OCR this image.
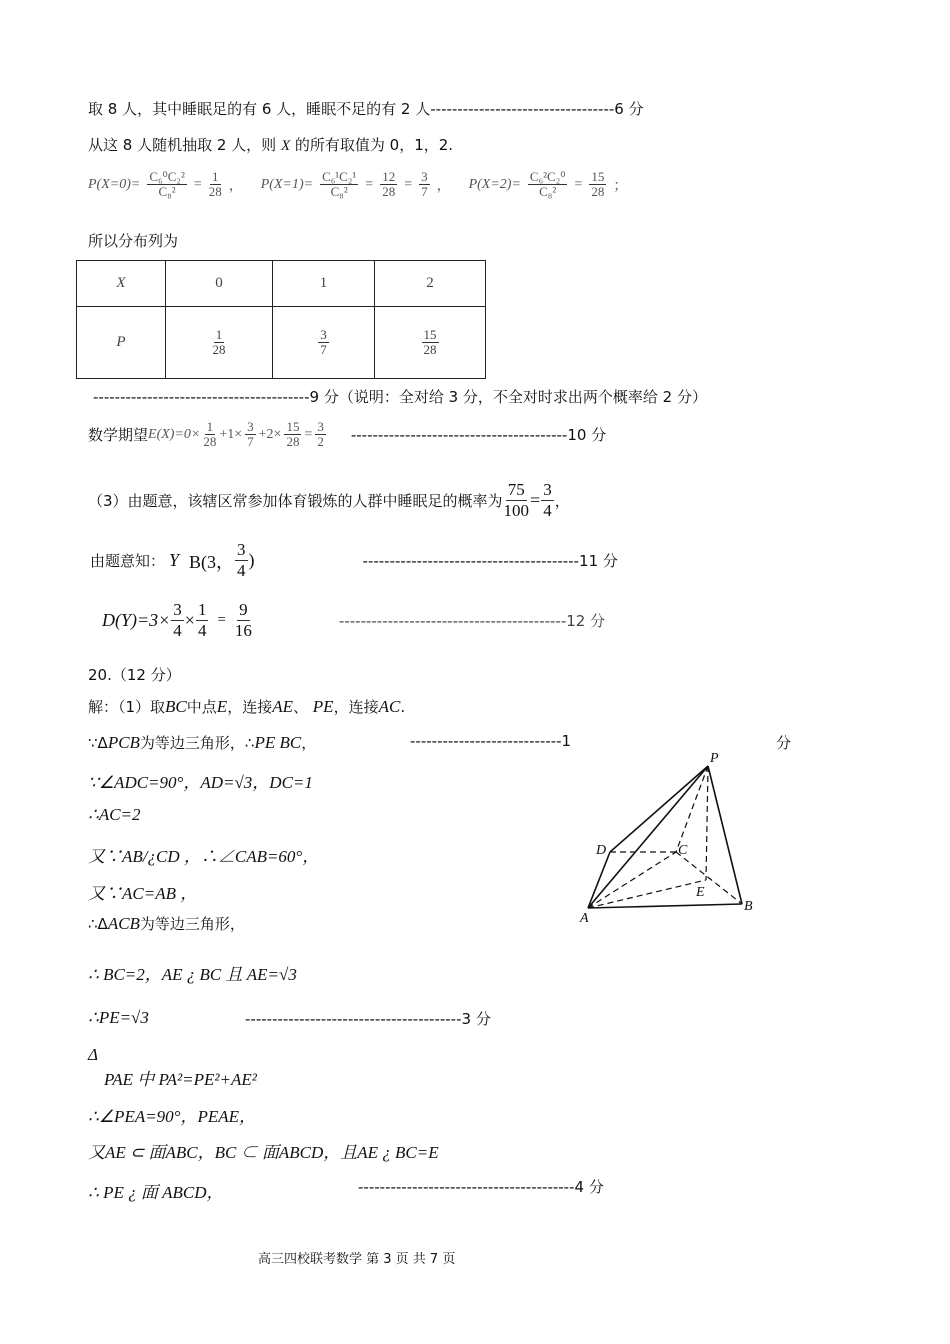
取 8 人，其中睡眠足的有 6 人，睡眠不足的有 2 人----------------------------------6 分
从这 8 人随机抽取 2 人，则 X 的所有取值为 0，1，2.
$P(X=0)= \frac{\text{C₆⁰C₂²}}{\text{C₈²}} = \frac{1}{28}$ ， $P(X=1)= \frac{\text{C₆¹C₂¹}}{\text{C₈²}} = \frac{12}{28} = \frac{3}{7}$ ， $P(X=2)= \frac{\text{C₆²C₂⁰}}{\text{C₈²}} = \frac{15}{28}$ ；
所以分布列为
X	0	1	2
P	$\frac{1}{28}$	$\frac{3}{7}$	$\frac{15}{28}$
----------------------------------------9 分（说明：全对给 3 分，不全对时求出两个概率给 2 分）
数学期望 $E(X)=0\times \frac{1}{28} +1\times \frac{3}{7} +2\times \frac{15}{28} = \frac{3}{2} ----------------------------------------10$ 分
（3）由题意，该辖区常参加体育锻炼的人群中睡眠足的概率为 $\frac{75}{100} = \frac{3}{4}$ ，
由题意知： Y B(3， $\frac{3}{4}$ )	----------------------------------------11 分
$D(Y)=3\times \frac{3}{4} \times \frac{1}{4} = \frac{9}{16}$	------------------------------------------12 分
20.（12 分）
解：（1）取BC中点E，连接AE、 PE，连接AC.
∵ΔPCB为等边三角形，∴PE BC，	----------------------------1	分
∵∠ADC=90°，AD=√3，DC=1
∴AC=2
又∵AB/¿CD ，∴∠CAB=60°，
又∵AC=AB ，
∴ΔACB为等边三角形，
∴ BC=2，AE ¿ BC 且 AE=√3
∴PE=√3	----------------------------------------3 分
Δ
PAE 中 PA²=PE²+AE²
∴∠PEA=90°，PEAE，
又AE ⊂ 面ABC，BC ⊂ 面ABCD，且AE ¿ BC=E
∴ PE ¿ 面 ABCD，	----------------------------------------4 分
P
D	C
E
A
B
高三四校联考数学 第 3 页 共 7 页
